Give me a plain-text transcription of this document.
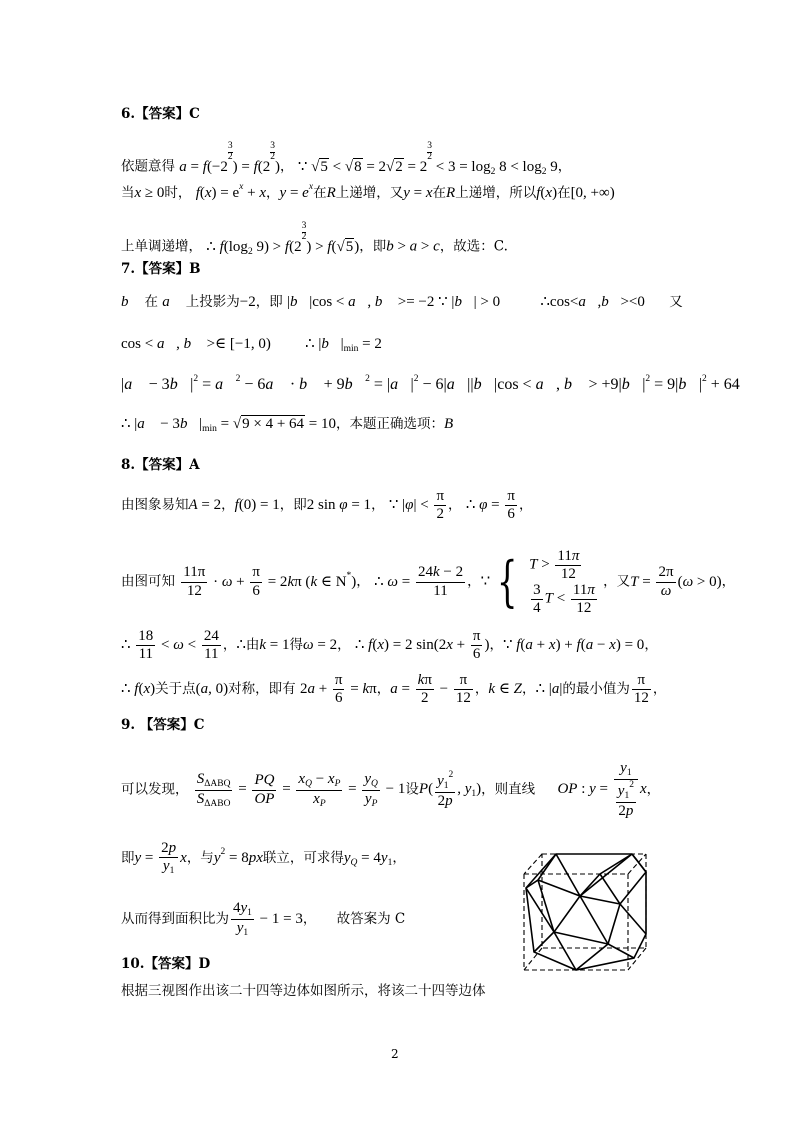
6.【答案】C
依题意得 a = f(−2
$\frac{3}{2}$
) = f(2
$\frac{3}{2}$
)， ∵ √5 < √8 = 2√2 = 2
$\frac{3}{2}$
< $3 = \log_2 8 < \log_2 9$，
当x ≥ 0时， $f(x) = e^x + x$，$y = e^x$在R上递增，又y = x在R上递增，所以f(x)在[0, +∞)
上单调递增， ∴ $f(\log_2$ 9) > f(2
$\frac{3}{2}$
) > f(√5)，即b > a > c，故选：C.
7.【答案】B
b⃗ 在 a⃗ 上投影为−2，即 |b⃗|cos < a⃗, b⃗ >= −2 ∵ |b⃗| > 0	∴cos<a⃗,b⃗><0 又
cos < a⃗, b⃗ >∈ [−1, 0) ∴ $|b⃗|_{min} = 2$
|a⃗ − $3b⃗|^2$ = a⃗$^2$ − 6a⃗ · b⃗ + 9b⃗$^2$ = $|a⃗|^2$ − 6|a⃗||b⃗|cos < a⃗, b⃗ > $+9|b⃗|^2$ = $9|b⃗|^2 + 64$
∴ |a⃗ − $3b⃗|_{min} = √9 \times 4 + 64 = 10$，本题正确选项：B
8.【答案】A
由图象易知A = 2，f(0) = 1，即2 sin φ = 1， ∵ $|\varphi| < \frac{\pi}{2}$ ， ∴ $\varphi = \frac{\pi}{6}$ ，
由图可知 $\frac{11\pi}{12} \cdot \omega + \frac{\pi}{6} = 2k\pi$ (k ∈ N*)， ∴ $\omega = \frac{24k - 2}{11}$ ，∵ { $T > \frac{11\pi}{12}$
$\frac{3}{4}$ $T < \frac{11\pi}{12}$
，又$T = \frac{2\pi}{\omega} (\omega > 0)$，
∴ $\frac{18}{11} < \omega < \frac{24}{11}$ ，∴由k = 1得ω = 2， ∴ f(x) = 2 $\sin(2x + \frac{\pi}{6}$ )，∵ f(a + x) + f(a − x) = 0，
∴ f(x)关于点(a, 0)对称，即有 $2a + \frac{\pi}{6} = k\pi$，$a = \frac{k\pi}{2} - \frac{\pi}{12}$ ，k ∈ Z，∴ |a|的最小值为 $\frac{\pi}{12}$ ，
9. 【答案】C
可以发现， $\frac{S_{\Delta ABQ}}{S_{\Delta ABO}} = \frac{PQ}{OP} = \frac{x_Q - x_P}{x_P} = \frac{y_Q}{y_P} - 1$设$P( \frac{y_1^2}{2p}$ , $y_1$)，则直线 OP : $y = \frac{y_1}{\frac{y_1^2}{2p}}$ x，
即$y = \frac{2p}{y_1}$ x，与$y^2 = 8px$联立，可求得$y_Q = 4y_1$，
从而得到面积比为 $\frac{4y_1}{y_1} - 1 = 3$，　　故答案为 C
10.【答案】D
根据三视图作出该二十四等边体如图所示，将该二十四等边体
2
